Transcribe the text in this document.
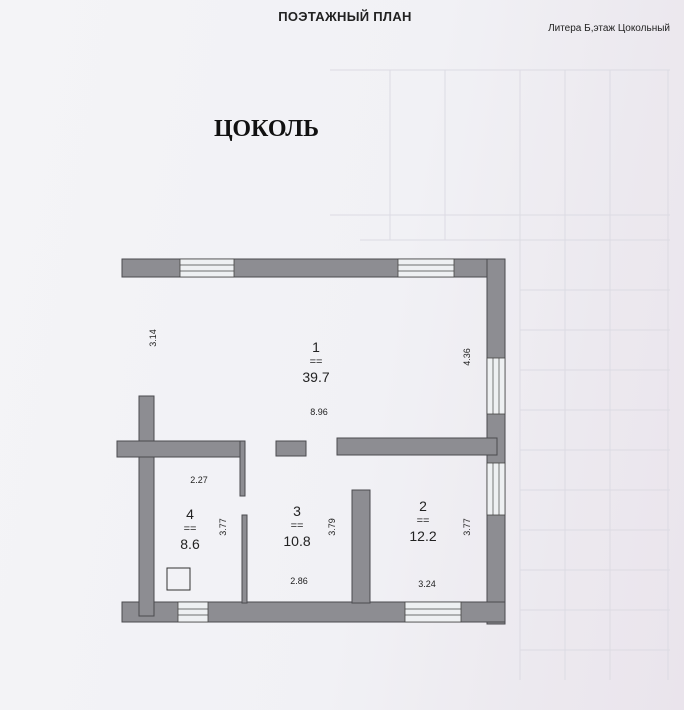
ПОЭТАЖНЫЙ ПЛАН
Литера Б,этаж Цокольный
ЦОКОЛЬ
1
==
39.7
2
==
12.2
3
==
10.8
4
==
8.6
3.14
4.36
8.96
2.27
3.77	3.79
2.86
3.77
3.24
